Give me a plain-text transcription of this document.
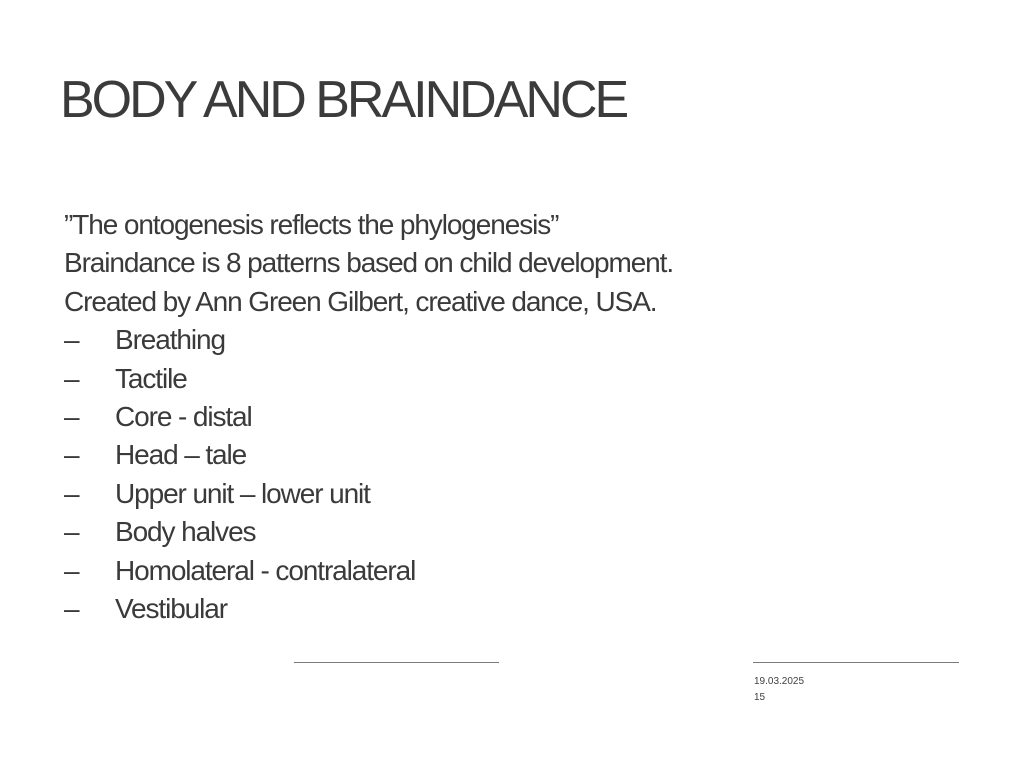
BODY AND BRAINDANCE
”The ontogenesis reflects the phylogenesis”
Braindance is 8 patterns based on child development.
Created by Ann Green Gilbert, creative dance, USA.
– Breathing
– Tactile
– Core - distal
– Head – tale
– Upper unit – lower unit
– Body halves
– Homolateral - contralateral
– Vestibular
19.03.2025
15
